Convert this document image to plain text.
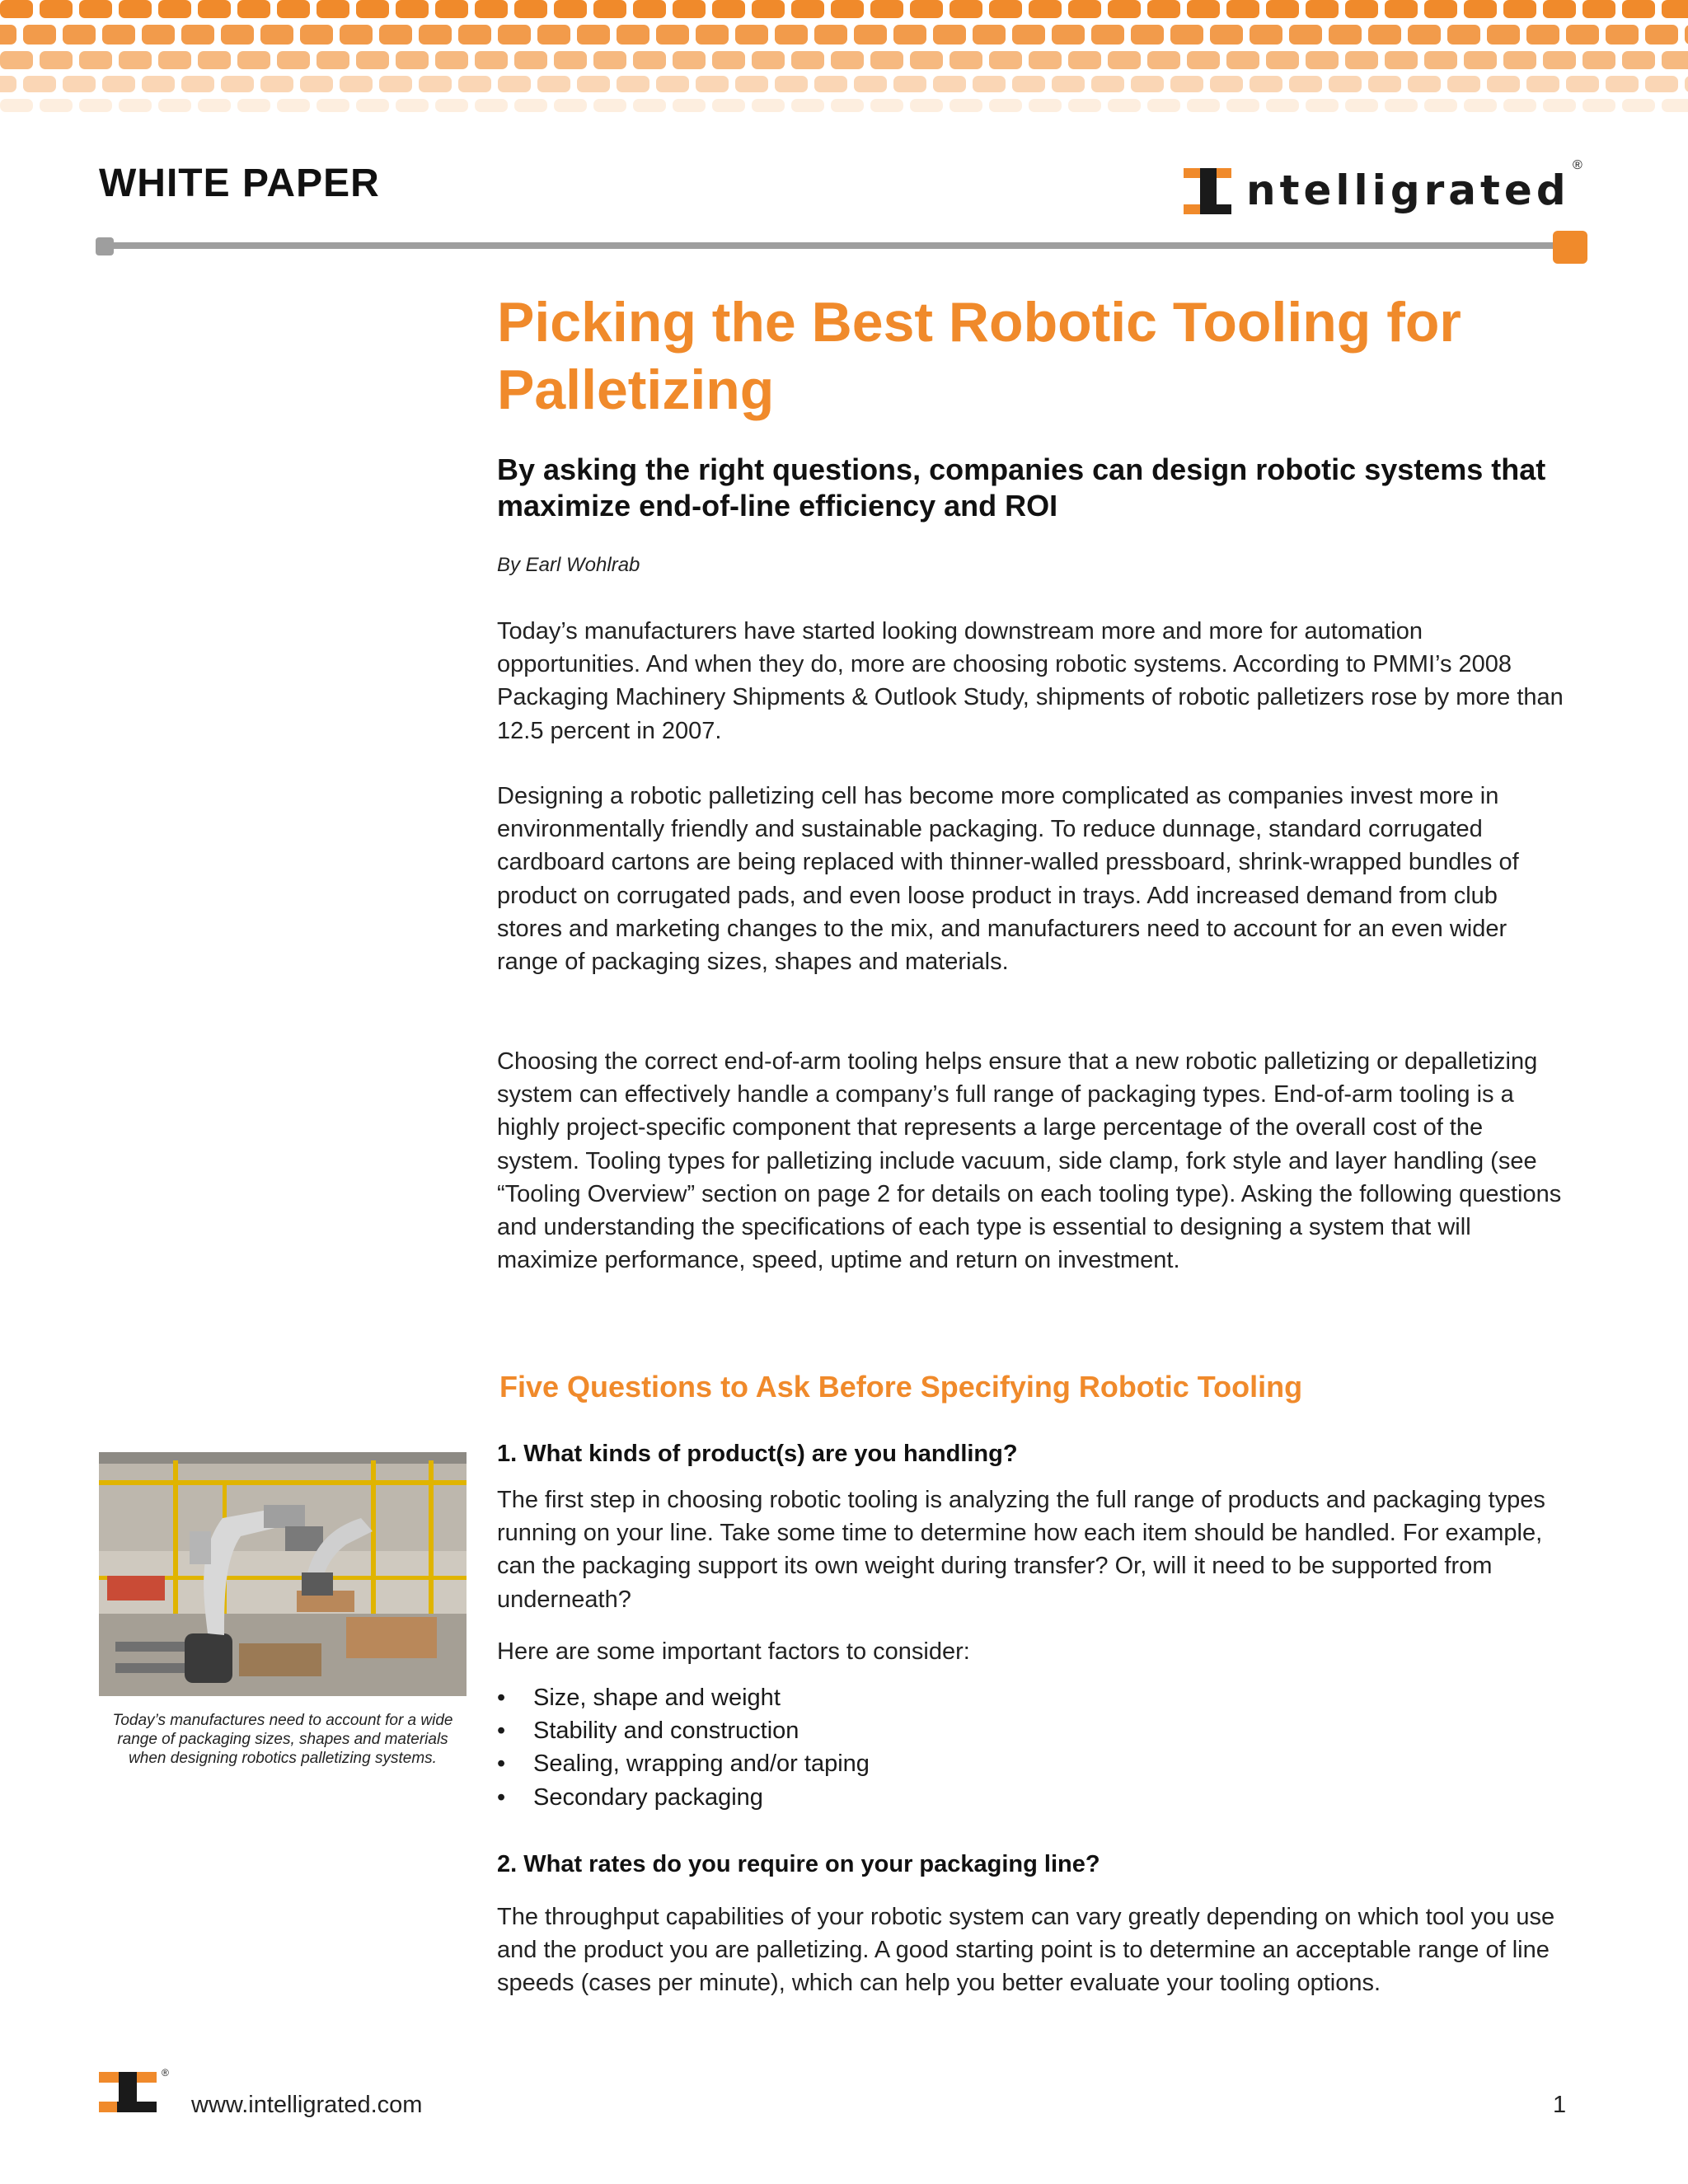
WHITE PAPER	ntelligrated
®
Picking the Best Robotic Tooling for Palletizing
By asking the right questions, companies can design robotic systems that maximize end-of-line efficiency and ROI
By Earl Wohlrab

Today’s manufacturers have started looking downstream more and more for automation opportunities. And when they do, more are choosing robotic systems. According to PMMI’s 2008 Packaging Machinery Shipments & Outlook Study, shipments of robotic palletizers rose by more than 12.5 percent in 2007.

Designing a robotic palletizing cell has become more complicated as companies invest more in environmentally friendly and sustainable packaging. To reduce dunnage, standard corrugated cardboard cartons are being replaced with thinner-walled pressboard, shrink-wrapped bundles of product on corrugated pads, and even loose product in trays. Add increased demand from club stores and marketing changes to the mix, and manufacturers need to account for an even wider range of packaging sizes, shapes and materials.

Choosing the correct end-of-arm tooling helps ensure that a new robotic palletizing or depalletizing system can effectively handle a company’s full range of packaging types. End-of-arm tooling is a highly project-specific component that represents a large percentage of the overall cost of the system. Tooling types for palletizing include vacuum, side clamp, fork style and layer handling (see “Tooling Overview” section on page 2 for details on each tooling type). Asking the following questions and understanding the specifications of each type is essential to designing a system that will maximize performance, speed, uptime and return on investment.

Five Questions to Ask Before Specifying Robotic Tooling
1. What kinds of product(s) are you handling?

The first step in choosing robotic tooling is analyzing the full range of products and packaging types running on your line. Take some time to determine how each item should be handled. For example, can the packaging support its own weight during transfer? Or, will it need to be supported from underneath?

Here are some important factors to consider:

• Size, shape and weight
• Stability and construction
• Sealing, wrapping and/or taping
• Secondary packaging
2. What rates do you require on your packaging line?

The throughput capabilities of your robotic system can vary greatly depending on which tool you use and the product you are palletizing. A good starting point is to determine an acceptable range of line speeds (cases per minute), which can help you better evaluate your tooling options.

Today’s manufactures need to account for a wide range of packaging sizes, shapes and materials when designing robotics palletizing systems.
®
www.intelligrated.com	1
